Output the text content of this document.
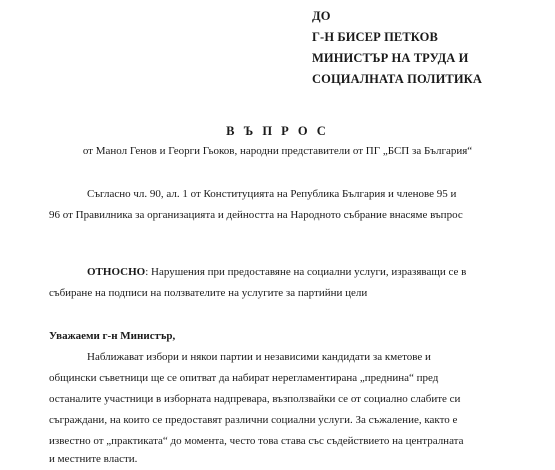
ДО
Г-Н БИСЕР ПЕТКОВ
МИНИСТЪР НА ТРУДА И
СОЦИАЛНАТА ПОЛИТИКА
В Ъ П Р О С
от Манол Генов и Георги Гьоков, народни представители от ПГ „БСП за България“
Съгласно чл. 90, ал. 1 от Конституцията на Република България и членове 95 и
96 от Правилника за организацията и дейността на Народното събрание внасяме въпрос
ОТНОСНО: Нарушения при предоставяне на социални услуги, изразяващи се в
събиране на подписи на ползвателите на услугите за партийни цели
Уважаеми г-н Министър,
Наближават избори и някои партии и независими кандидати за кметове и
общински съветници ще се опитват да набират нерегламентирана „преднина“ пред
останалите участници в изборната надпревара, възползвайки се от социално слабите си
съграждани, на които се предоставят различни социални услуги. За съжаление, както е
известно от „практиката“ до момента, често това става със съдействието на централната
и местните власти.
